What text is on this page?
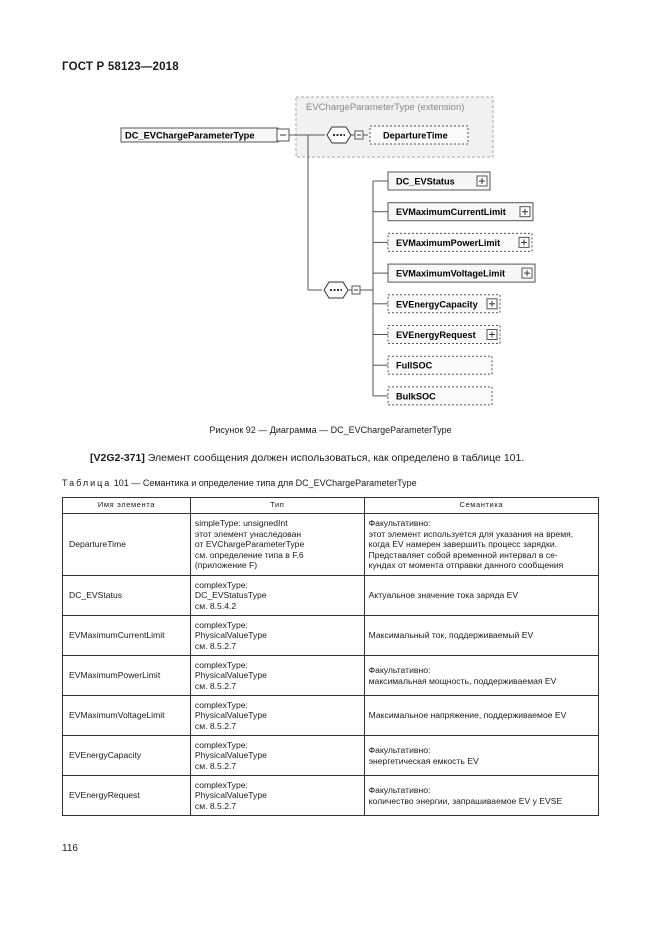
ГОСТ Р 58123—2018
EVChargeParameterType (extension)
DC_EVChargeParameterType	DepartureTime
DC_EVStatus
EVMaximumCurrentLimit
EVMaximumPowerLimit
EVMaximumVoltageLimit
EVEnergyCapacity
EVEnergyRequest
FullSOC
BulkSOC
Рисунок 92 — Диаграмма — DC_EVChargeParameterType
[V2G2-371] Элемент сообщения должен использоваться, как определено в таблице 101.
Таблица 101 — Семантика и определение типа для DC_EVChargeParameterType
Имя элемента	Тип	Семантика
DepartureTime	simpleType: unsignedInt
этот элемент унаследован
от EVChargeParameterType
см. определение типа в F.6
(приложение F)	Факультативно:
этот элемент используется для указания на время,
когда EV намерен завершить процесс зарядки.
Представляет собой временной интервал в се-
кундах от момента отправки данного сообщения
DC_EVStatus	complexType:
DC_EVStatusType
см. 8.5.4.2	Актуальное значение тока заряда EV
EVMaximumCurrentLimit	complexType:
PhysicalValueType
см. 8.5.2.7	Максимальный ток, поддерживаемый EV
EVMaximumPowerLimit	complexType:
PhysicalValueType
см. 8.5.2.7	Факультативно:
максимальная мощность, поддерживаемая EV
EVMaximumVoltageLimit	complexType:
PhysicalValueType
см. 8.5.2.7	Максимальное напряжение, поддерживаемое EV
EVEnergyCapacity	complexType:
PhysicalValueType
см. 8.5.2.7	Факультативно:
энергетическая емкость EV
EVEnergyRequest	complexType:
PhysicalValueType
см. 8.5.2.7	Факультативно:
количество энергии, запрашиваемое EV у EVSE
116
